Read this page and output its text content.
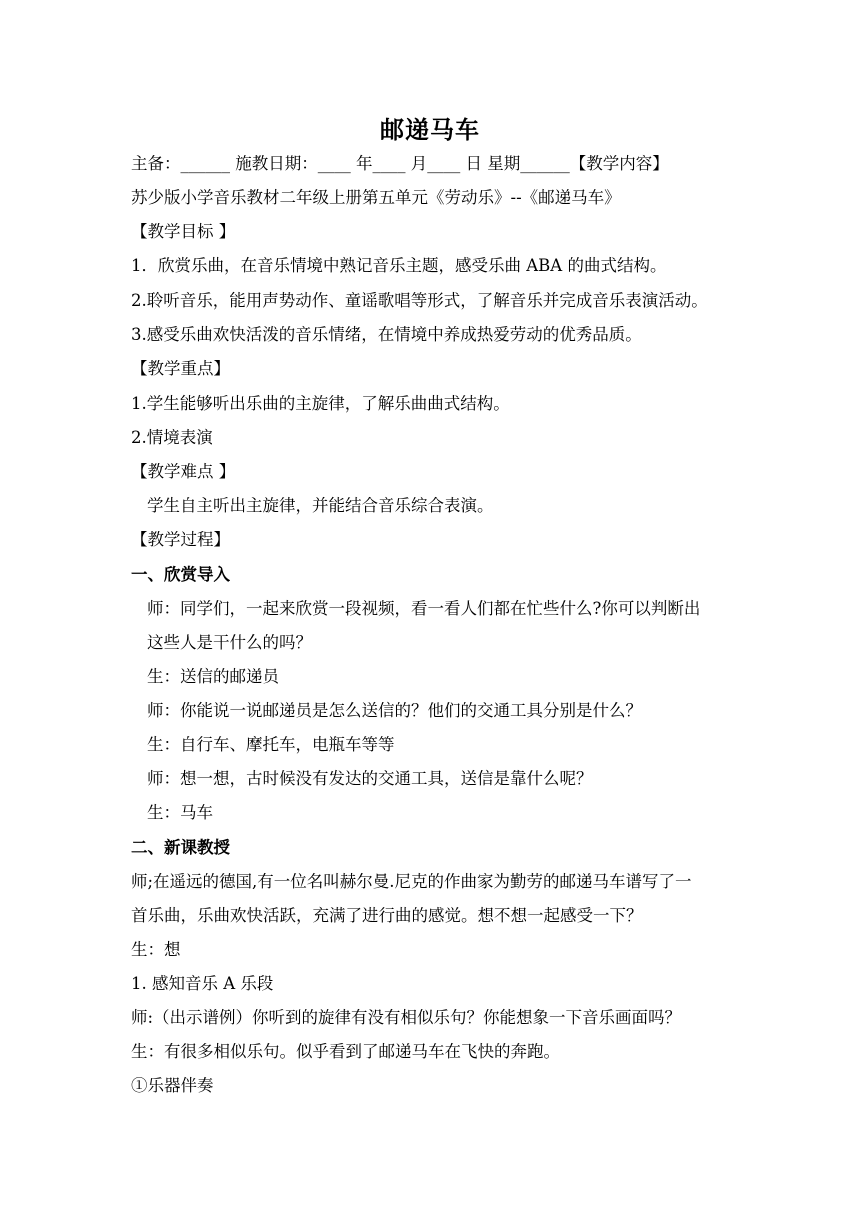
邮递马车
主备：______ 施教日期：____ 年____ 月____ 日 星期______【教学内容】
苏少版小学音乐教材二年级上册第五单元《劳动乐》--《邮递马车》
【教学目标 】
1．欣赏乐曲，在音乐情境中熟记音乐主题，感受乐曲 ABA 的曲式结构。
2.聆听音乐，能用声势动作、童谣歌唱等形式，了解音乐并完成音乐表演活动。
3.感受乐曲欢快活泼的音乐情绪，在情境中养成热爱劳动的优秀品质。
【教学重点】
1.学生能够听出乐曲的主旋律，了解乐曲曲式结构。
2.情境表演
【教学难点 】
学生自主听出主旋律，并能结合音乐综合表演。
【教学过程】
一、欣赏导入
师：同学们，一起来欣赏一段视频，看一看人们都在忙些什么?你可以判断出
这些人是干什么的吗？
生：送信的邮递员
师：你能说一说邮递员是怎么送信的？他们的交通工具分别是什么？
生：自行车、摩托车，电瓶车等等
师：想一想，古时候没有发达的交通工具，送信是靠什么呢？
生：马车
二、新课教授
师;在遥远的德国,有一位名叫赫尔曼.尼克的作曲家为勤劳的邮递马车谱写了一
首乐曲，乐曲欢快活跃，充满了进行曲的感觉。想不想一起感受一下？
生：想
1. 感知音乐 A 乐段
师:（出示谱例）你听到的旋律有没有相似乐句？你能想象一下音乐画面吗？
生：有很多相似乐句。似乎看到了邮递马车在飞快的奔跑。
①乐器伴奏
